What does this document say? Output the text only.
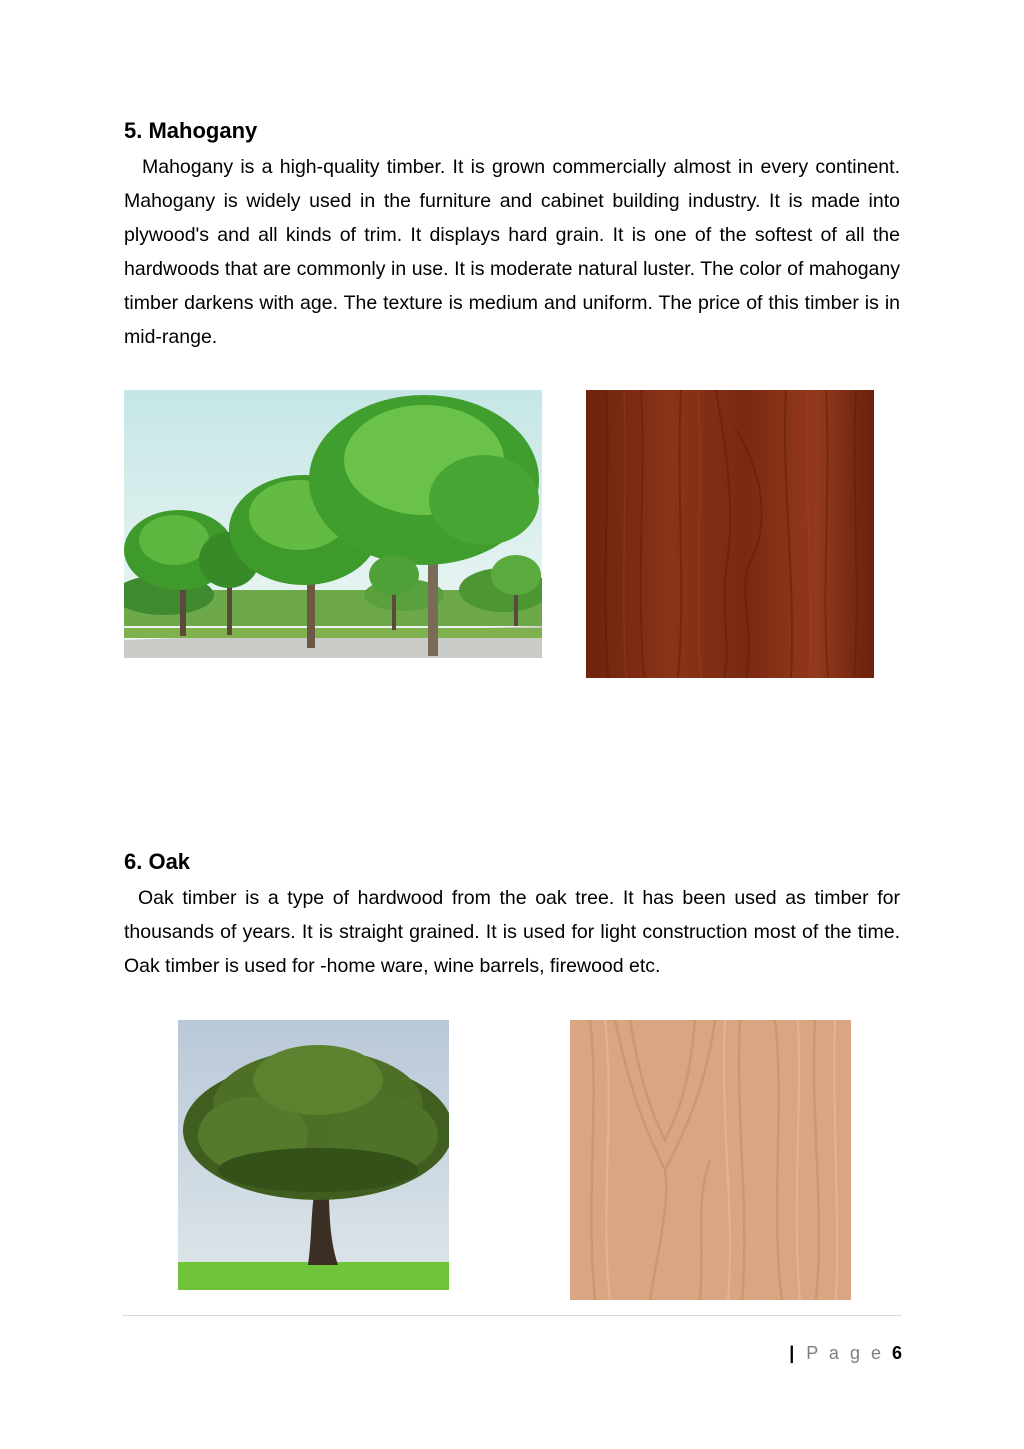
5. Mahogany

Mahogany is a high-quality timber. It is grown commercially almost in every continent. Mahogany is widely used in the furniture and cabinet building industry. It is made into plywood's and all kinds of trim. It displays hard grain. It is one of the softest of all the hardwoods that are commonly in use. It is moderate natural luster. The color of mahogany timber darkens with age. The texture is medium and uniform. The price of this timber is in mid-range.

6. Oak

Oak timber is a type of hardwood from the oak tree. It has been used as timber for thousands of years. It is straight grained. It is used for light construction most of the time. Oak timber is used for -home ware, wine barrels, firewood etc.

| P a g e 6
